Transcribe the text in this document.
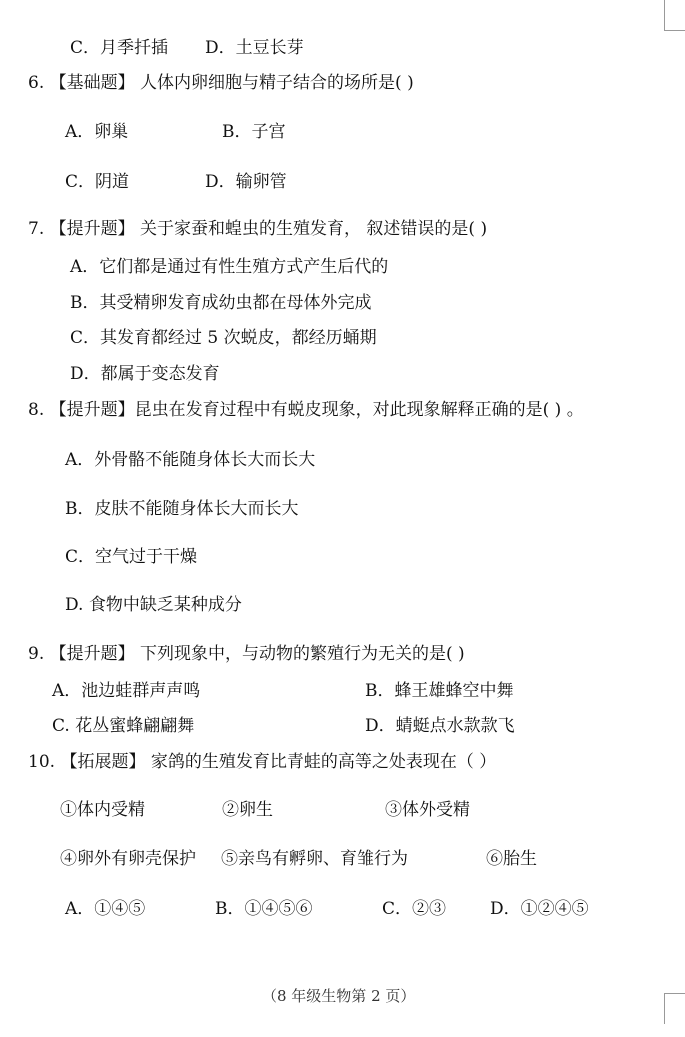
C．月季扦插 D．土豆长芽
6. 【基础题】 人体内卵细胞与精子结合的场所是( )
A．卵巢	B．子宫
C．阴道	D．输卵管
7. 【提升题】 关于家蚕和蝗虫的生殖发育， 叙述错误的是( )
A．它们都是通过有性生殖方式产生后代的
B．其受精卵发育成幼虫都在母体外完成
C．其发育都经过 5 次蜕皮，都经历蛹期
D．都属于变态发育
8. 【提升题】昆虫在发育过程中有蜕皮现象，对此现象解释正确的是( ) 。
A．外骨骼不能随身体长大而长大
B．皮肤不能随身体长大而长大
C．空气过于干燥
D. 食物中缺乏某种成分
9. 【提升题】 下列现象中，与动物的繁殖行为无关的是( )
A．池边蛙群声声鸣	B．蜂王雄蜂空中舞
C. 花丛蜜蜂翩翩舞	D．蜻蜓点水款款飞
10. 【拓展题】 家鸽的生殖发育比青蛙的高等之处表现在（ ）
①体内受精	②卵生	③体外受精
④卵外有卵壳保护 ⑤亲鸟有孵卵、育雏行为	⑥胎生
A．①④⑤	B．①④⑤⑥	C．②③	D．①②④⑤
（8 年级生物第 2 页）
